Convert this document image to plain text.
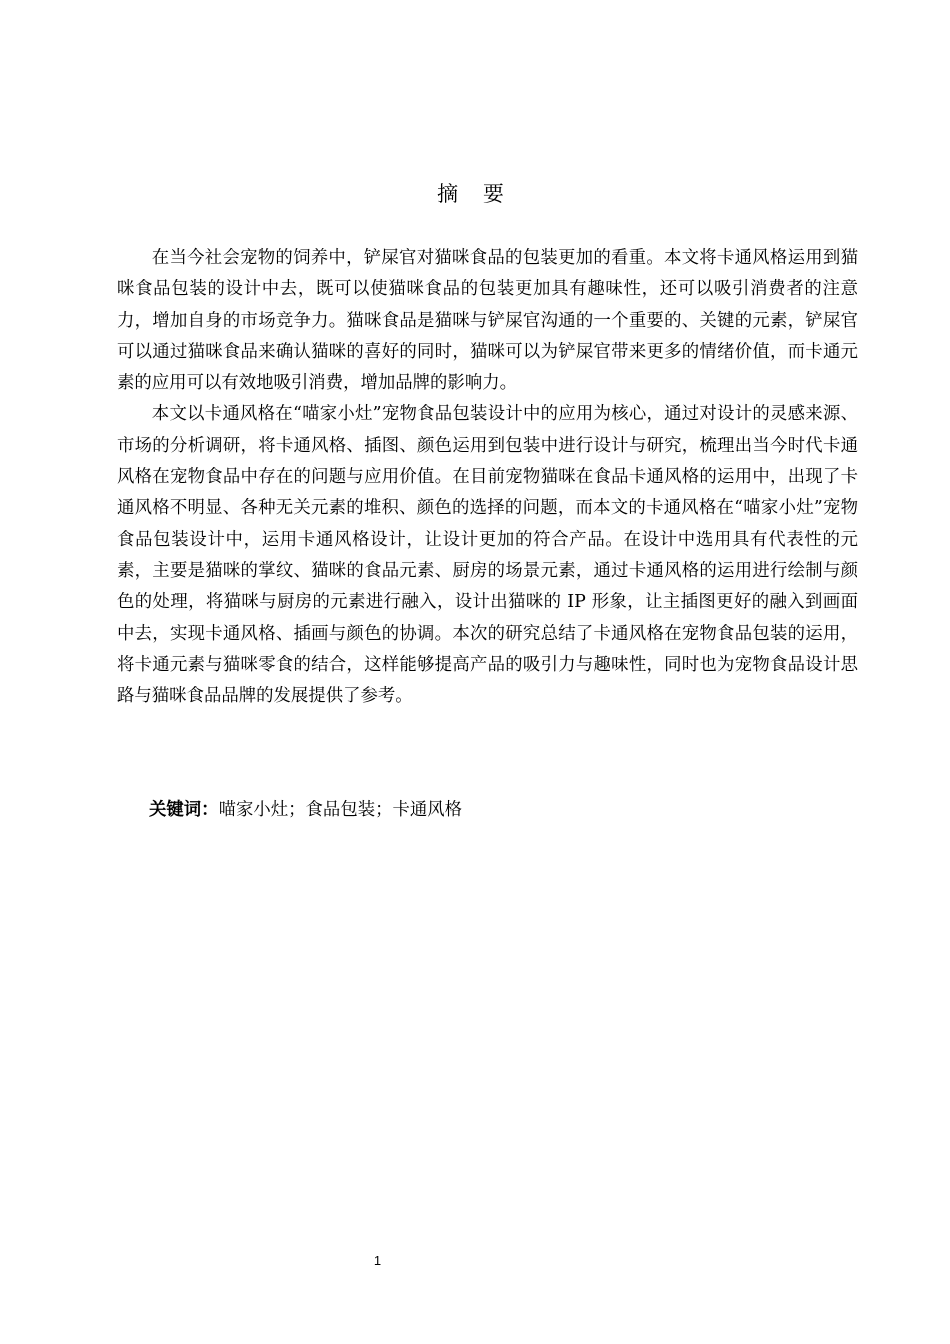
摘 要

在当今社会宠物的饲养中，铲屎官对猫咪食品的包装更加的看重。本文将卡通风格运用到猫咪食品包装的设计中去，既可以使猫咪食品的包装更加具有趣味性，还可以吸引消费者的注意力，增加自身的市场竞争力。猫咪食品是猫咪与铲屎官沟通的一个重要的、关键的元素，铲屎官可以通过猫咪食品来确认猫咪的喜好的同时，猫咪可以为铲屎官带来更多的情绪价值，而卡通元素的应用可以有效地吸引消费，增加品牌的影响力。

本文以卡通风格在“喵家小灶”宠物食品包装设计中的应用为核心，通过对设计的灵感来源、市场的分析调研，将卡通风格、插图、颜色运用到包装中进行设计与研究，梳理出当今时代卡通风格在宠物食品中存在的问题与应用价值。在目前宠物猫咪在食品卡通风格的运用中，出现了卡通风格不明显、各种无关元素的堆积、颜色的选择的问题，而本文的卡通风格在“喵家小灶”宠物食品包装设计中，运用卡通风格设计，让设计更加的符合产品。在设计中选用具有代表性的元素，主要是猫咪的掌纹、猫咪的食品元素、厨房的场景元素，通过卡通风格的运用进行绘制与颜色的处理，将猫咪与厨房的元素进行融入，设计出猫咪的 IP 形象，让主插图更好的融入到画面中去，实现卡通风格、插画与颜色的协调。本次的研究总结了卡通风格在宠物食品包装的运用，将卡通元素与猫咪零食的结合，这样能够提高产品的吸引力与趣味性，同时也为宠物食品设计思路与猫咪食品品牌的发展提供了参考。

关键词：喵家小灶；食品包装；卡通风格
1
